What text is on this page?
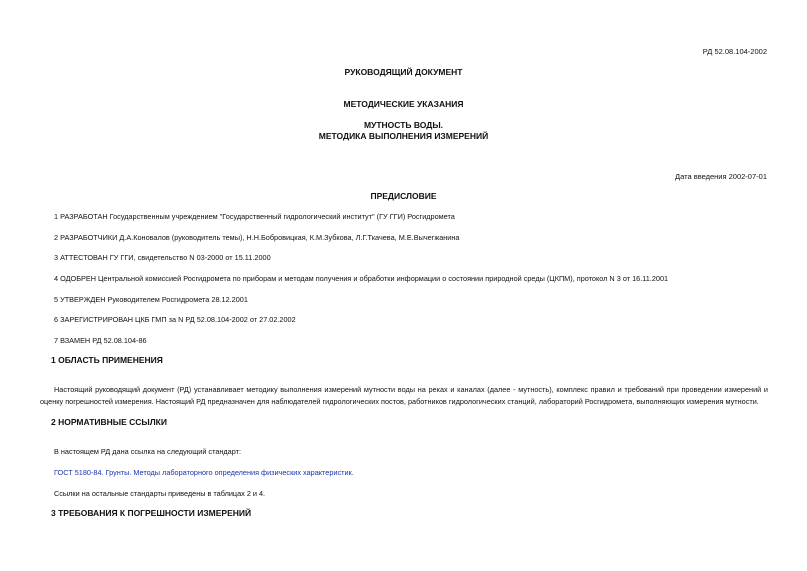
РД 52.08.104-2002
РУКОВОДЯЩИЙ ДОКУМЕНТ
МЕТОДИЧЕСКИЕ УКАЗАНИЯ
МУТНОСТЬ ВОДЫ.
МЕТОДИКА ВЫПОЛНЕНИЯ ИЗМЕРЕНИЙ
Дата введения 2002-07-01
ПРЕДИСЛОВИЕ
1 РАЗРАБОТАН Государственным учреждением "Государственный гидрологический институт" (ГУ ГГИ) Росгидромета
2 РАЗРАБОТЧИКИ Д.А.Коновалов (руководитель темы), Н.Н.Бобровицкая, К.М.Зубкова, Л.Г.Ткачева, М.Е.Вычегжанина
3 АТТЕСТОВАН ГУ ГГИ, свидетельство N 03-2000 от 15.11.2000
4 ОДОБРЕН Центральной комиссией Росгидромета по приборам и методам получения и обработки информации о состоянии природной среды (ЦКПМ), протокол N 3 от 16.11.2001
5 УТВЕРЖДЕН Руководителем Росгидромета 28.12.2001
6 ЗАРЕГИСТРИРОВАН ЦКБ ГМП за N РД 52.08.104-2002 от 27.02.2002
7 ВЗАМЕН РД 52.08.104-86
1 ОБЛАСТЬ ПРИМЕНЕНИЯ
Настоящий руководящий документ (РД) устанавливает методику выполнения измерений мутности воды на реках и каналах (далее - мутность), комплекс правил и требований при проведении измерений и оценку погрешностей измерения. Настоящий РД предназначен для наблюдателей гидрологических постов, работников гидрологических станций, лабораторий Росгидромета, выполняющих измерения мутности.
2 НОРМАТИВНЫЕ ССЫЛКИ
В настоящем РД дана ссылка на следующий стандарт:
ГОСТ 5180-84. Грунты. Методы лабораторного определения физических характеристик.
Ссылки на остальные стандарты приведены в таблицах 2 и 4.
3 ТРЕБОВАНИЯ К ПОГРЕШНОСТИ ИЗМЕРЕНИЙ
